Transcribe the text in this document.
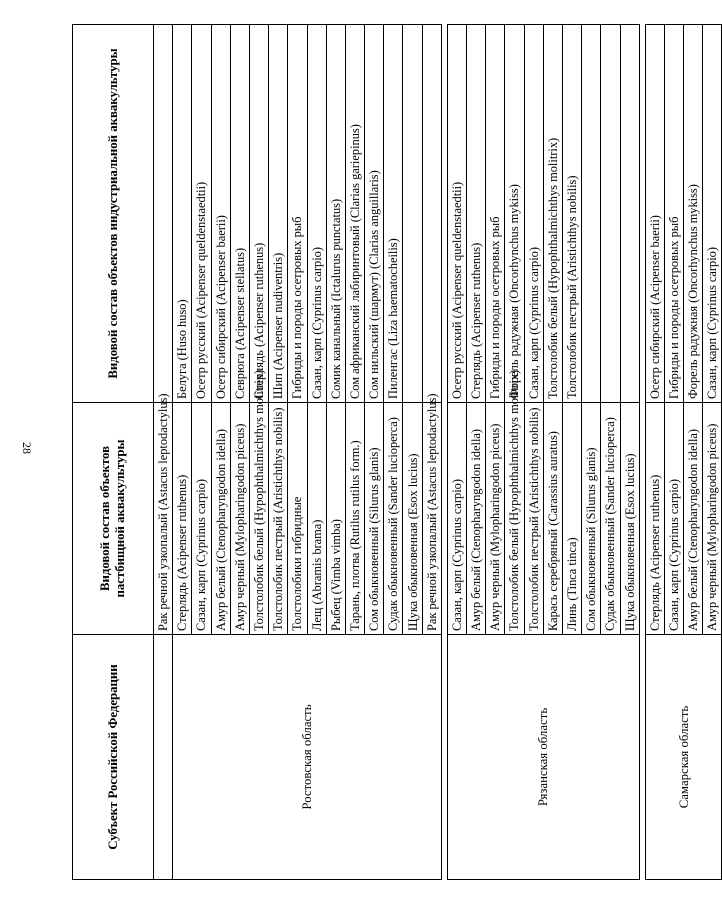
28
Субъект Российской Федерации	Видовой состав объектов пастбищной аквакультуры	Видовой состав объектов индустриальной аквакультуры
	Рак речной узкопалый (Astacus leptodactylus)	
Ростовская область	Стерлядь (Acipenser ruthenus)	Белуга (Huso huso)
	Сазан, карп (Cyprinus carpio)	Осетр русский (Acipenser queldenstaedtii)
	Амур белый (Ctenopharyngodon idella)	Осетр сибирский (Acipenser baerii)
	Амур черный (Mylopharingodon piceus)	Севрюга (Acipenser stellatus)
	Толстолобик белый (Hypophthalmichthys molitrix)	Стерлядь (Acipenser ruthenus)
	Толстолобик пестрый (Aristichthys nobilis)	Шип (Acipenser nudiventris)
	Толстолобики гибридные	Гибриды и породы осетровых рыб
	Лещ (Abramis brama)	Сазан, карп (Cyprinus carpio)
	Рыбец (Vimba vimba)	Сомик канальный (Ictalurus punctatus)
	Тарань, плотва (Rutilus rutilus form.)	Сом африканский лабиринтовый (Clarias gariepinus)
	Сом обыкновенный (Silurus glanis)	Сом нильский (шармут) (Clarias anguillaris)
	Судак обыкновенный (Sander lucioperca)	Пиленгас (Liza haematocheilis)
	Щука обыкновенная (Esox lucius)	
	Рак речной узкопалый (Astacus leptodactylus)	

Рязанская область	Сазан, карп (Cyprinus carpio)	Осетр русский (Acipenser queldenstaedtii)
	Амур белый (Ctenopharyngodon idella)	Стерлядь (Acipenser ruthenus)
	Амур черный (Mylopharingodon piceus)	Гибриды и породы осетровых рыб
	Толстолобик белый (Hypophthalmichthys molitrix)	Форель радужная (Oncorhynchus mykiss)
	Толстолобик пестрый (Aristichthys nobilis)	Сазан, карп (Cyprinus carpio)
	Карась серебряный (Carassius auratus)	Толстолобик белый (Hypophthalmichthys molitrix)
	Линь (Tinca tinca)	Толстолобик пестрый (Aristichthys nobilis)
	Сом обыкновенный (Silurus glanis)	
	Судак обыкновенный (Sander lucioperca)	
	Щука обыкновенная (Esox lucius)	

Самарская область	Стерлядь (Acipenser ruthenus)	Осетр сибирский (Acipenser baerii)
	Сазан, карп (Cyprinus carpio)	Гибриды и породы осетровых рыб
	Амур белый (Ctenopharyngodon idella)	Форель радужная (Oncorhynchus mykiss)
	Амур черный (Mylopharingodon piceus)	Сазан, карп (Cyprinus carpio)
